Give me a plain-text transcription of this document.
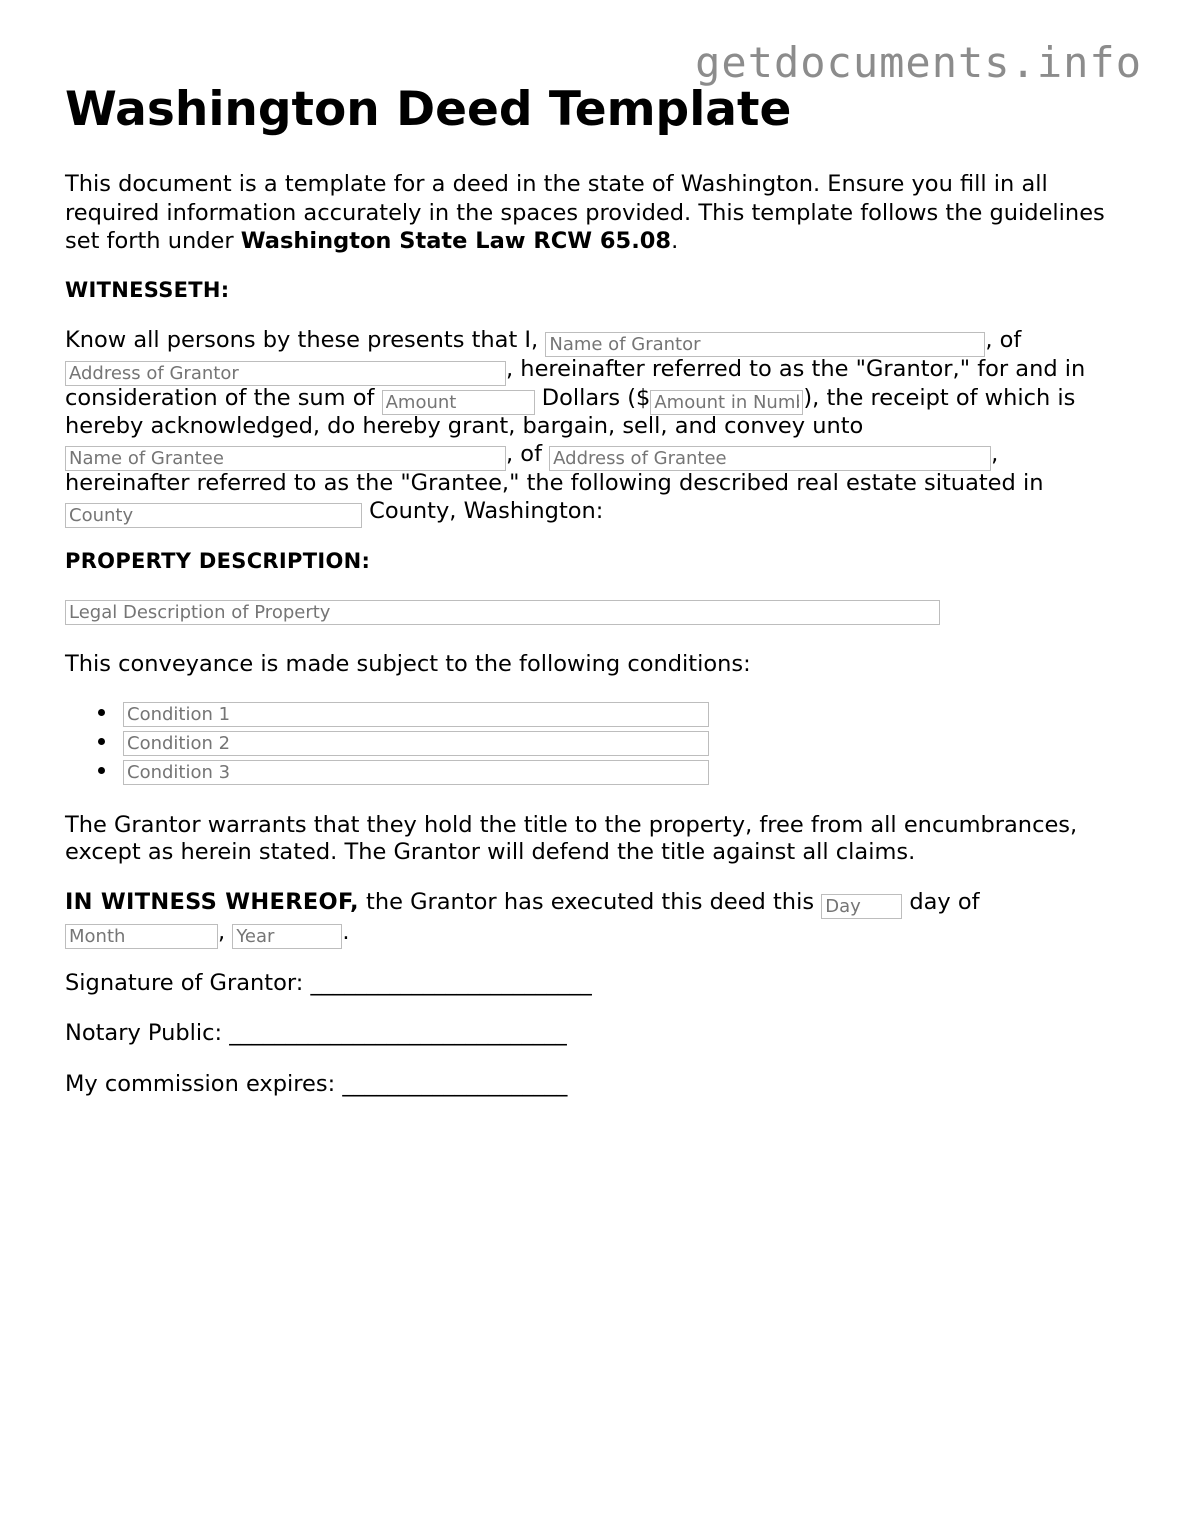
getdocuments.info
Washington Deed Template

This document is a template for a deed in the state of Washington. Ensure you fill in all required information accurately in the spaces provided. This template follows the guidelines set forth under Washington State Law RCW 65.08.

WITNESSETH:
Know all persons by these presents that I, Name of Grantor	, of
Address of Grantor, hereinafter referred to as the "Grantor," for and in
consideration of the sum of Amount	Dollars ($Amount in Numbers	), the receipt of which is
hereby acknowledged, do hereby grant, bargain, sell, and convey unto
Name of Grantee, of Address of Grantee	,
hereinafter referred to as the "Grantee," the following described real estate situated in
County County, Washington:
PROPERTY DESCRIPTION:
Legal Description of Property
This conveyance is made subject to the following conditions:
Condition 1
Condition 2
Condition 3
The Grantor warrants that they hold the title to the property, free from all encumbrances,
except as herein stated. The Grantor will defend the title against all claims.
IN WITNESS WHEREOF, the Grantor has executed this deed this Day	day of
Month, Year	.
Signature of Grantor: _________________________
Notary Public: ______________________________
My commission expires: ____________________
